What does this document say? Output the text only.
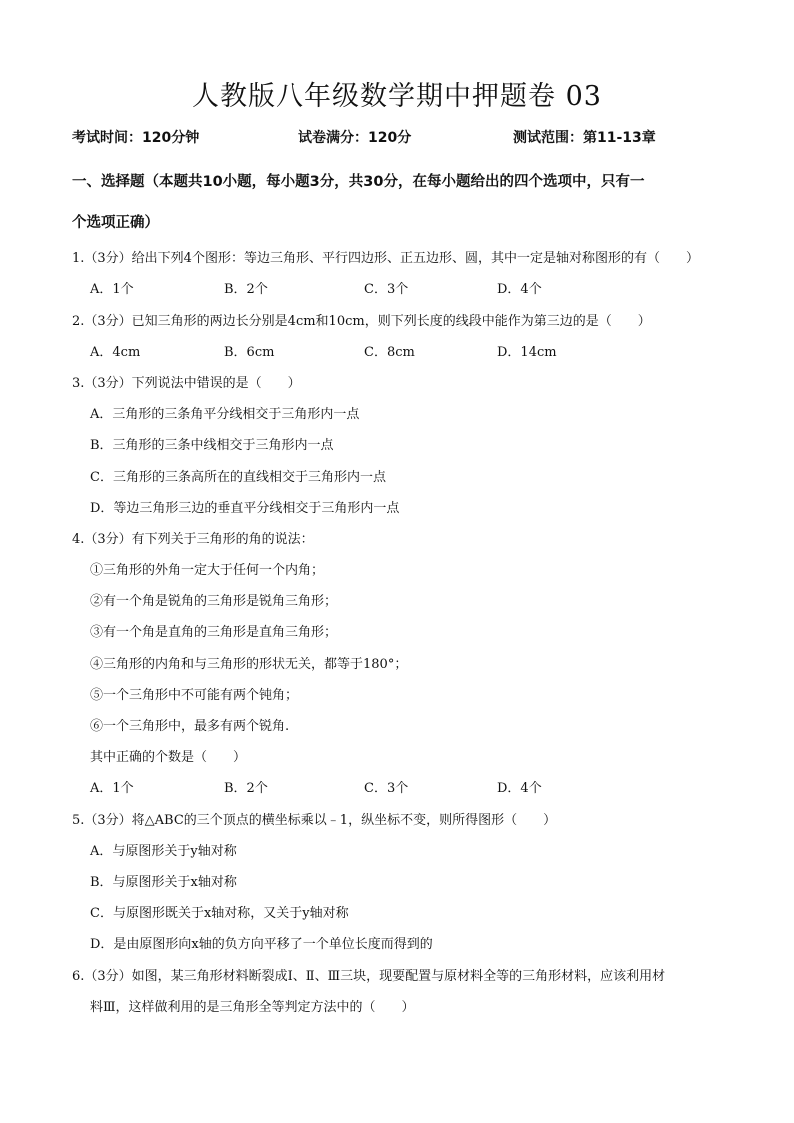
人教版八年级数学期中押题卷 03
考试时间：120分钟	试卷满分：120分	测试范围：第11-13章
一、选择题（本题共10小题，每小题3分，共30分，在每小题给出的四个选项中，只有一
个选项正确）
1.（3分）给出下列4个图形：等边三角形、平行四边形、正五边形、圆，其中一定是轴对称图形的有（　　）
A．1个	B．2个	C．3个	D．4个
2.（3分）已知三角形的两边长分别是4cm和10cm，则下列长度的线段中能作为第三边的是（　　）
A．4cm	B．6cm	C．8cm	D．14cm
3.（3分）下列说法中错误的是（　　）
A．三角形的三条角平分线相交于三角形内一点
B．三角形的三条中线相交于三角形内一点
C．三角形的三条高所在的直线相交于三角形内一点
D．等边三角形三边的垂直平分线相交于三角形内一点
4.（3分）有下列关于三角形的角的说法：
①三角形的外角一定大于任何一个内角；
②有一个角是锐角的三角形是锐角三角形；
③有一个角是直角的三角形是直角三角形；
④三角形的内角和与三角形的形状无关，都等于180°；
⑤一个三角形中不可能有两个钝角；
⑥一个三角形中，最多有两个锐角.
其中正确的个数是（　　）
A．1个	B．2个	C．3个	D．4个
5.（3分）将△ABC的三个顶点的横坐标乘以﹣1，纵坐标不变，则所得图形（　　）
A．与原图形关于y轴对称
B．与原图形关于x轴对称
C．与原图形既关于x轴对称，又关于y轴对称
D．是由原图形向x轴的负方向平移了一个单位长度而得到的
6.（3分）如图，某三角形材料断裂成Ⅰ、Ⅱ、Ⅲ三块，现要配置与原材料全等的三角形材料，应该利用材
料Ⅲ，这样做利用的是三角形全等判定方法中的（　　）
